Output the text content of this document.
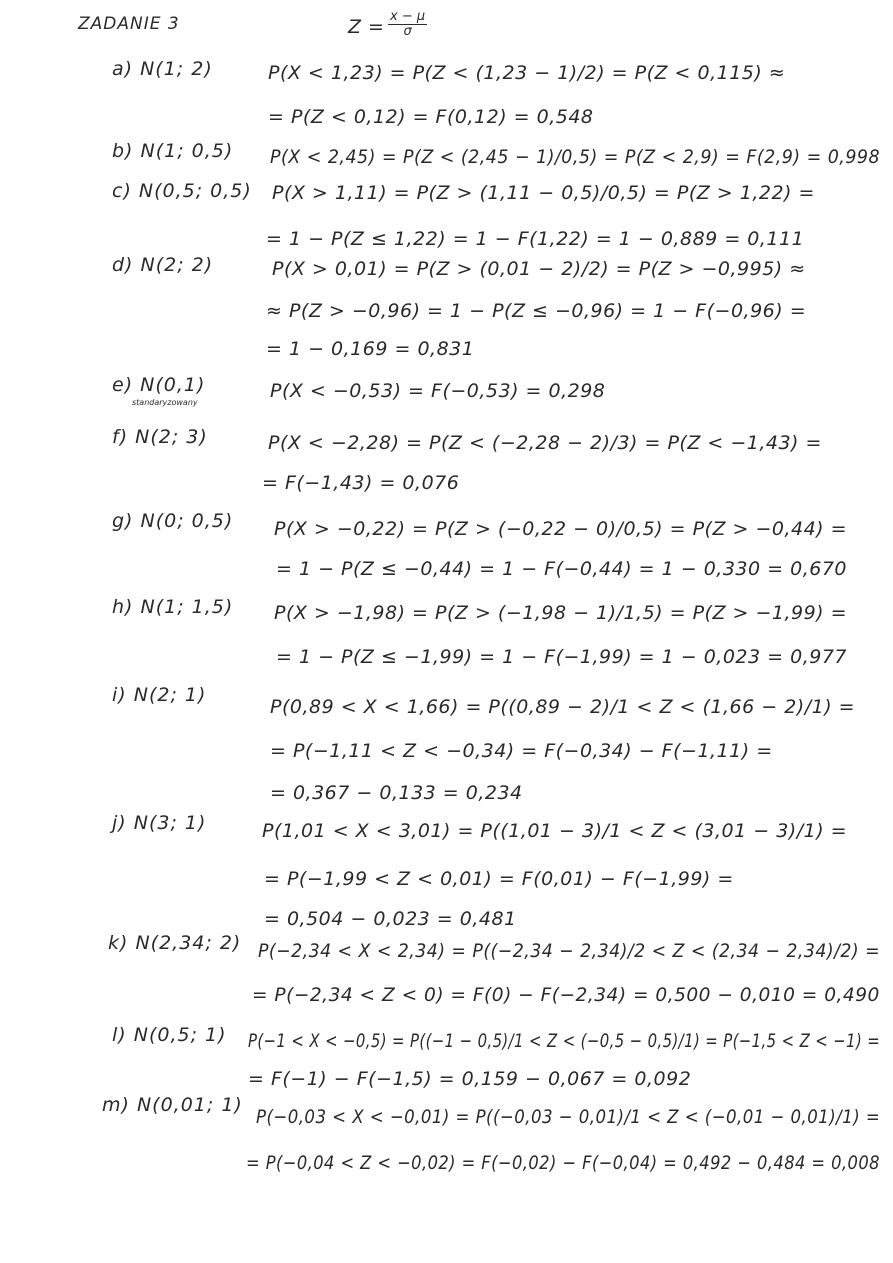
ZADANIE 3	$Z = \frac{x - \mu}{\sigma}$
a) N(1; 2)	P(X < 1,23) = P(Z < (1,23 − 1)/2) = P(Z < 0,115) ≈
= P(Z < 0,12) = F(0,12) = 0,548
b) N(1; 0,5) P(X < 2,45) = P(Z < (2,45 − 1)/0,5) = P(Z < 2,9) = F(2,9) = 0,998
c) N(0,5; 0,5) P(X > 1,11) = P(Z > (1,11 − 0,5)/0,5) = P(Z > 1,22) =
= 1 − P(Z ≤ 1,22) = 1 − F(1,22) = 1 − 0,889 = 0,111
d) N(2; 2)	P(X > 0,01) = P(Z > (0,01 − 2)/2) = P(Z > −0,995) ≈
≈ P(Z > −0,96) = 1 − P(Z ≤ −0,96) = 1 − F(−0,96) =
= 1 − 0,169 = 0,831
e) N(0,1)
standaryzowany
P(X < −0,53) = F(−0,53) = 0,298
f) N(2; 3)	P(X < −2,28) = P(Z < (−2,28 − 2)/3) = P(Z < −1,43) =
= F(−1,43) = 0,076
g) N(0; 0,5) P(X > −0,22) = P(Z > (−0,22 − 0)/0,5) = P(Z > −0,44) =
= 1 − P(Z ≤ −0,44) = 1 − F(−0,44) = 1 − 0,330 = 0,670
h) N(1; 1,5) P(X > −1,98) = P(Z > (−1,98 − 1)/1,5) = P(Z > −1,99) =
= 1 − P(Z ≤ −1,99) = 1 − F(−1,99) = 1 − 0,023 = 0,977
i) N(2; 1)
P(0,89 < X < 1,66) = P((0,89 − 2)/1 < Z < (1,66 − 2)/1) =
= P(−1,11 < Z < −0,34) = F(−0,34) − F(−1,11) =
= 0,367 − 0,133 = 0,234
j) N(3; 1)	P(1,01 < X < 3,01) = P((1,01 − 3)/1 < Z < (3,01 − 3)/1) =
= P(−1,99 < Z < 0,01) = F(0,01) − F(−1,99) =
= 0,504 − 0,023 = 0,481
k) N(2,34; 2) P(−2,34 < X < 2,34) = P((−2,34 − 2,34)/2 < Z < (2,34 − 2,34)/2) =
= P(−2,34 < Z < 0) = F(0) − F(−2,34) = 0,500 − 0,010 = 0,490
l) N(0,5; 1) P(−1 < X < −0,5) = P((−1 − 0,5)/1 < Z < (−0,5 − 0,5)/1) = P(−1,5 < Z < −1) =
= F(−1) − F(−1,5) = 0,159 − 0,067 = 0,092
m) N(0,01; 1)
P(−0,03 < X < −0,01) = P((−0,03 − 0,01)/1 < Z < (−0,01 − 0,01)/1) =
= P(−0,04 < Z < −0,02) = F(−0,02) − F(−0,04) = 0,492 − 0,484 = 0,008
